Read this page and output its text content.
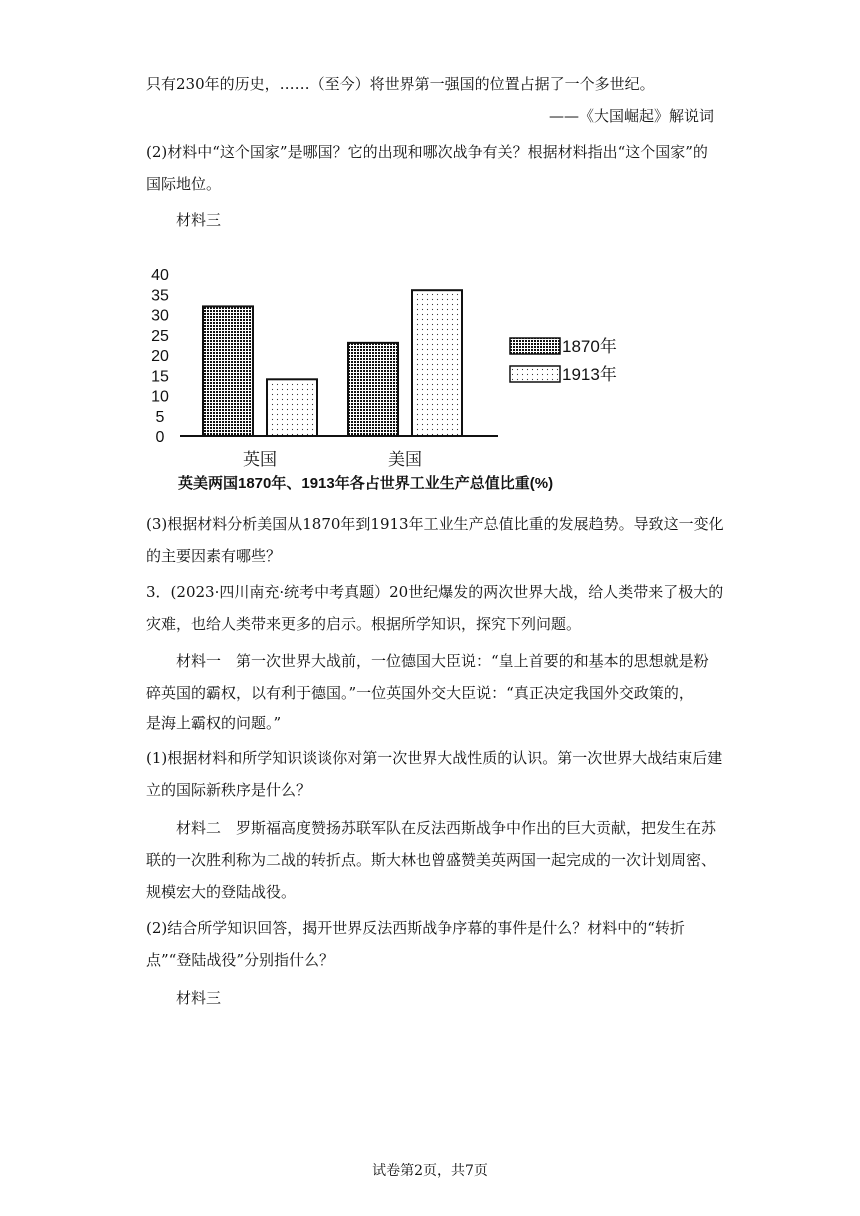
只有230年的历史，……（至今）将世界第一强国的位置占据了一个多世纪。
——《大国崛起》解说词
(2)材料中“这个国家”是哪国？它的出现和哪次战争有关？根据材料指出“这个国家”的
国际地位。
材料三
0
5
10
15
20
25
30
35
40
英国	美国
1870年
1913年
英美两国1870年、1913年各占世界工业生产总值比重(%)
(3)根据材料分析美国从1870年到1913年工业生产总值比重的发展趋势。导致这一变化
的主要因素有哪些？
3．(2023·四川南充·统考中考真题）20世纪爆发的两次世界大战，给人类带来了极大的
灾难，也给人类带来更多的启示。根据所学知识，探究下列问题。
材料一　第一次世界大战前，一位德国大臣说：“皇上首要的和基本的思想就是粉
碎英国的霸权，以有利于德国。”一位英国外交大臣说：“真正决定我国外交政策的，
是海上霸权的问题。”
(1)根据材料和所学知识谈谈你对第一次世界大战性质的认识。第一次世界大战结束后建
立的国际新秩序是什么？
材料二　罗斯福高度赞扬苏联军队在反法西斯战争中作出的巨大贡献，把发生在苏
联的一次胜利称为二战的转折点。斯大林也曾盛赞美英两国一起完成的一次计划周密、
规模宏大的登陆战役。
(2)结合所学知识回答，揭开世界反法西斯战争序幕的事件是什么？材料中的“转折
点”“登陆战役”分别指什么？
材料三
试卷第2页，共7页
